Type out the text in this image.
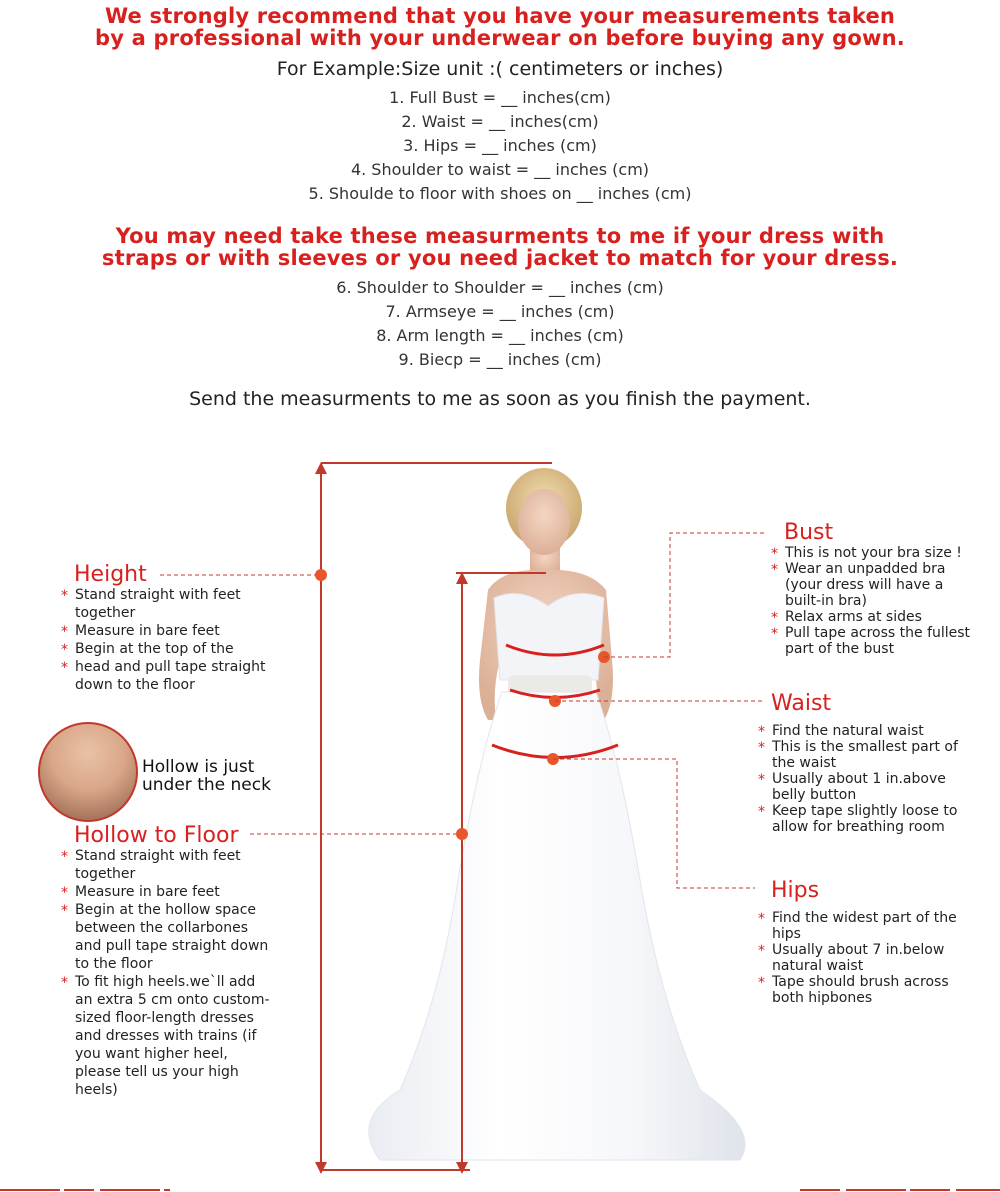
We strongly recommend that you have your measurements taken
by a professional with your underwear on before buying any gown.
For Example:Size unit :( centimeters or inches)
1. Full Bust = __ inches(cm)
2. Waist = __ inches(cm)
3. Hips = __ inches (cm)
4. Shoulder to waist = __ inches (cm)
5. Shoulde to floor with shoes on __ inches (cm)
You may need take these measurments to me if your dress with
straps or with sleeves or you need jacket to match for your dress.
6. Shoulder to Shoulder = __ inches (cm)
7. Armseye = __ inches (cm)
8. Arm length = __ inches (cm)
9. Biecp = __ inches (cm)
Send the measurments to me as soon as you finish the payment.
Height
* Stand straight with feet together
* Measure in bare feet
* Begin at the top of the
* head and pull tape straight down to the floor
Hollow is just
under the neck
Hollow to Floor
* Stand straight with feet together
* Measure in bare feet
* Begin at the hollow space between the collarbones and pull tape straight down to the floor
* To fit high heels.we`ll add an extra 5 cm onto custom-sized floor-length dresses and dresses with trains (if you want higher heel, please tell us your high heels)
Bust
* This is not your bra size !
* Wear an unpadded bra (your dress will have a built-in bra)
* Relax arms at sides
* Pull tape across the fullest part of the bust
Waist
* Find the natural waist
* This is the smallest part of the waist
* Usually about 1 in.above belly button
* Keep tape slightly loose to allow for breathing room
Hips
* Find the widest part of the hips
* Usually about 7 in.below natural waist
* Tape should brush across both hipbones
